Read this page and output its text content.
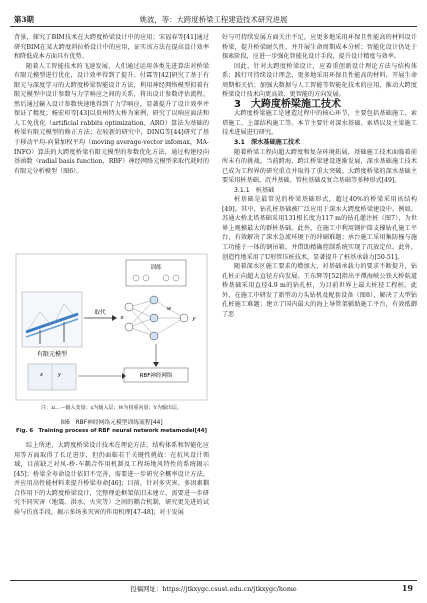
第3期	姚波，等：大跨度桥梁工程建造技术研究进展

背景，探究了BIM技术在大跨度桥梁设计中的应用；宋福春等[41]通过研究BIM在某大跨度斜拉桥设计中的应用，证实该方法在提高设计效率和降低成本方面具有优势。

随着人工智能技术的飞速发展，人们通过运用各类先进算法对桥梁有限元模型进行优化，设计效率得到了提升。付霖等[42]研究了基于有限元与深度学习的大跨度桥梁智能设计方法，利用神经网络模型拟着有限元模型中设计参数与力学响应之间的关系，将出设计参数评估流程，然后通过输入设计参数快速地得到了力学响应，显著提升了设计效率并保证了精度；杨宏印等[43]以贵州特大桥为案例，研究了以响应面法和人工免优化（artificial rabbits optimization，ARO）算法为基础的桥梁有限元模型的修正方法；在较新的研究中，DING等[44]研究了基于移动平均-向量加权平均（moving average-vector infomax，MA-INFO）算法的大跨度桥梁有限元模型的参数优化方法，通过构建径向基函数（radial basis function，RBF）神经网络元模型来取代耗时的有限元分析模型（图6）。

有限元模型
取代
训练
x
w
y
RBF神经网络
x	y
注：xi…—输入变量；x为输入层；W为权重向量；Y为输出层。
图6　RBF神经网络元模型训练流程[44]
Fig. 6　Training process of RBF neural network metamodel[44]

综上所述，大跨度桥梁设计技术在理论方法、结构体系和智能化应用等方面取得了长足进步，但仍面临若干关键性挑战：在抗风设计领域，目前缺乏对风-桥-车耦合作用机制及工程场地风特性的系统揭示[45]；桥梁全寿命设计依旧不完善，需要进一步研究全概率设计方法，并应用高性能材料来提升桥梁寿命[46]；目前，针对多灾害、多因素耦合作用下的大跨度桥梁设计，完整理论框架依旧未建立，需要进一步研究不同灾害（地震、洪水、火灾等）之间的耦合机制，研究更先进的试验与仿真手段，揭示多场多灾害的作用机理[47-48]；对于发展

好与可持续发展方面关注不足，应更多地采用环保且性能高的材料设计桥梁，提升桥梁耐久性，并开展生命周期成本分析；智能化设计仍处于探索阶段，应进一步强化智能化设计手段，提升设计精度与效率。

因此，针对大跨度桥梁设计，应着重创新设计理论方法与结构体系；践行可持续设计理念，更多地采用环保且性能高的材料，开展生命周期相关估；加强大数据与人工智能等智能化技术的应用，推动大跨度桥梁设计技术向更高效、更智能的方向发展。

3　大跨度桥梁施工技术

大跨度桥梁施工是建造过程中的核心环节，主要包括基础施工、索塔施工、上部结构施工等。本节主要针对深水基础、索塔以及主梁施工技术进展进行研究。

3.1　深水基础施工技术

随着桥梁工程向超大跨度和复杂环境拓展，基础施工技术面临着前所未有的挑战。当前跨海、跨江桥梁建设逐渐发展，深水基础施工技术已成为工程界的研究重点并取得了重大突破。大跨度桥梁的深水基础主要采用桩基础、沉井基础、管柱基础及复合基础等多种形式[49]。

3.1.1　桩基础

桩基础是最常见的桥梁基础形式，超过40%的桥梁采用该结构[49]。其中，钻孔桩基础被广泛应用于深水大跨度桥梁建设中。例如，苏通大桥北塔基础采用131根长度为117 m的钻孔灌注桩（图7），为世界上规模最大的群桩基础。此外，在施工中利用钢护筒支撑钻孔施工平台，有效解决了深水急流环境下的冲刷难题；承台施工采用集防撞与施工功能于一体的钢吊箱，并借助精确控制系统实现了沉放定位。此外，创造性地采用了U形管压桩技术，显著提升了桩基承载力[50-51]。

随着深水区施工要求的增加大，对基础承载力的要求不断提升，钻孔桩正向超大直径方向发展。王东辉等[52]指出平潭海峡公铁大桥航道桥基础采用直径4.9 m的钻孔桩，为目前世界上最大桩径工程桩。此外，在施工中研发了新型动力头钻机及配套设备（图8），解决了大型钻孔桩施工难题；建立了国内最大的海上导管架辅助施工平台，有效抵御了恶

投稿网址：https://jtkxygc.csust.edu.cn/jtkxygc/home	19
